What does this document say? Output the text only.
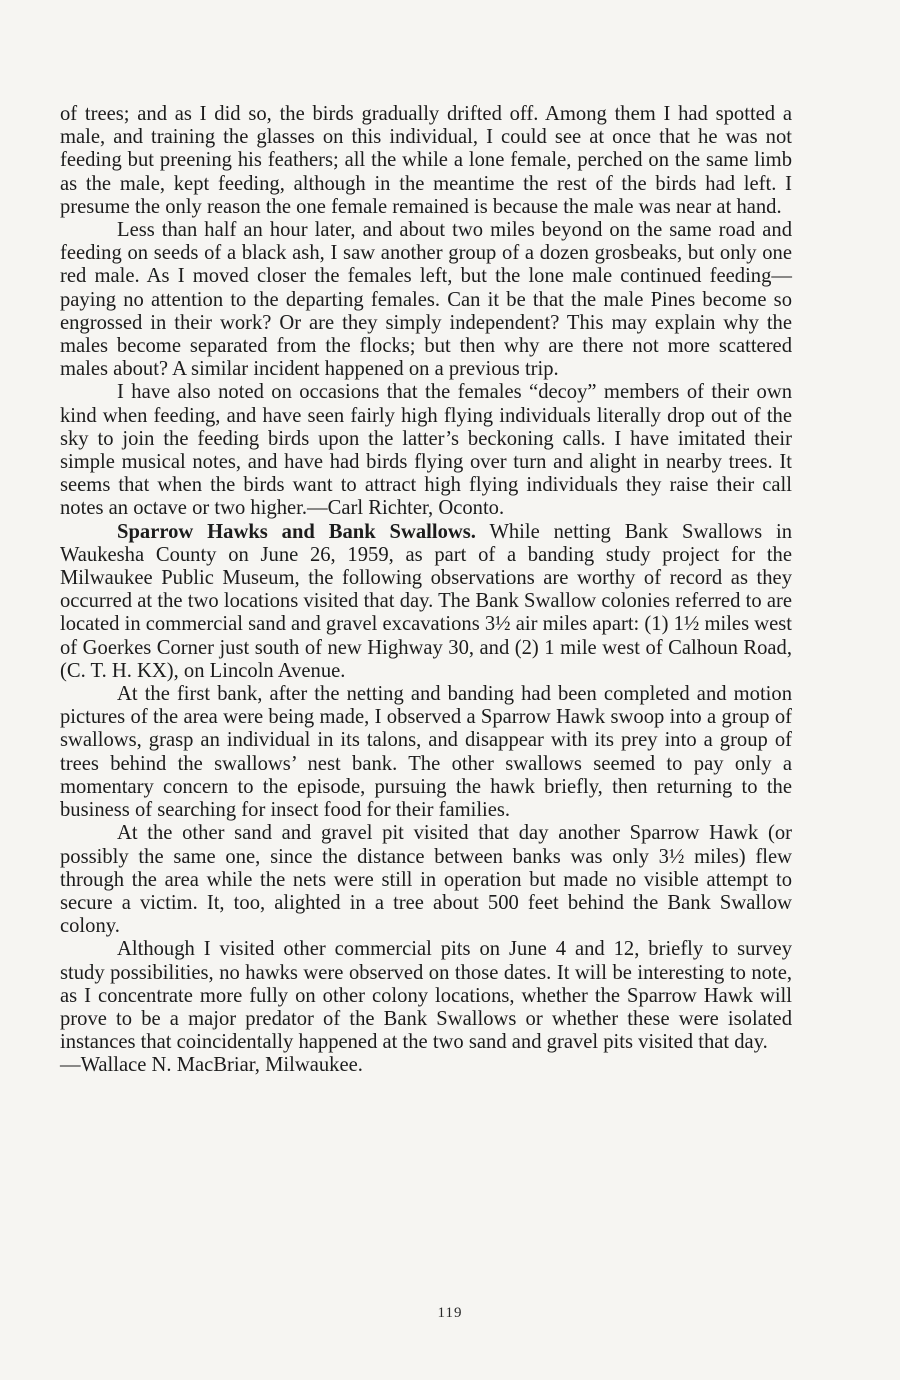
of trees; and as I did so, the birds gradually drifted off. Among them I had spotted a male, and training the glasses on this individual, I could see at once that he was not feeding but preening his feathers; all the while a lone female, perched on the same limb as the male, kept feeding, although in the meantime the rest of the birds had left. I presume the only reason the one female remained is because the male was near at hand.

Less than half an hour later, and about two miles beyond on the same road and feeding on seeds of a black ash, I saw another group of a dozen grosbeaks, but only one red male. As I moved closer the females left, but the lone male continued feeding—paying no attention to the departing females. Can it be that the male Pines become so engrossed in their work? Or are they simply independent? This may explain why the males become separated from the flocks; but then why are there not more scattered males about? A similar incident happened on a previous trip.

I have also noted on occasions that the females “decoy” members of their own kind when feeding, and have seen fairly high flying individuals literally drop out of the sky to join the feeding birds upon the latter’s beckoning calls. I have imitated their simple musical notes, and have had birds flying over turn and alight in nearby trees. It seems that when the birds want to attract high flying individuals they raise their call notes an octave or two higher.—Carl Richter, Oconto.

Sparrow Hawks and Bank Swallows. While netting Bank Swallows in Waukesha County on June 26, 1959, as part of a banding study project for the Milwaukee Public Museum, the following observations are worthy of record as they occurred at the two locations visited that day. The Bank Swallow colonies referred to are located in commercial sand and gravel excavations 3½ air miles apart: (1) 1½ miles west of Goerkes Corner just south of new Highway 30, and (2) 1 mile west of Calhoun Road, (C. T. H. KX), on Lincoln Avenue.

At the first bank, after the netting and banding had been completed and motion pictures of the area were being made, I observed a Sparrow Hawk swoop into a group of swallows, grasp an individual in its talons, and disappear with its prey into a group of trees behind the swallows’ nest bank. The other swallows seemed to pay only a momentary concern to the episode, pursuing the hawk briefly, then returning to the business of searching for insect food for their families.

At the other sand and gravel pit visited that day another Sparrow Hawk (or possibly the same one, since the distance between banks was only 3½ miles) flew through the area while the nets were still in operation but made no visible attempt to secure a victim. It, too, alighted in a tree about 500 feet behind the Bank Swallow colony.

Although I visited other commercial pits on June 4 and 12, briefly to survey study possibilities, no hawks were observed on those dates. It will be interesting to note, as I concentrate more fully on other colony locations, whether the Sparrow Hawk will prove to be a major predator of the Bank Swallows or whether these were isolated instances that coincidentally happened at the two sand and gravel pits visited that day.

—Wallace N. MacBriar, Milwaukee.

119
